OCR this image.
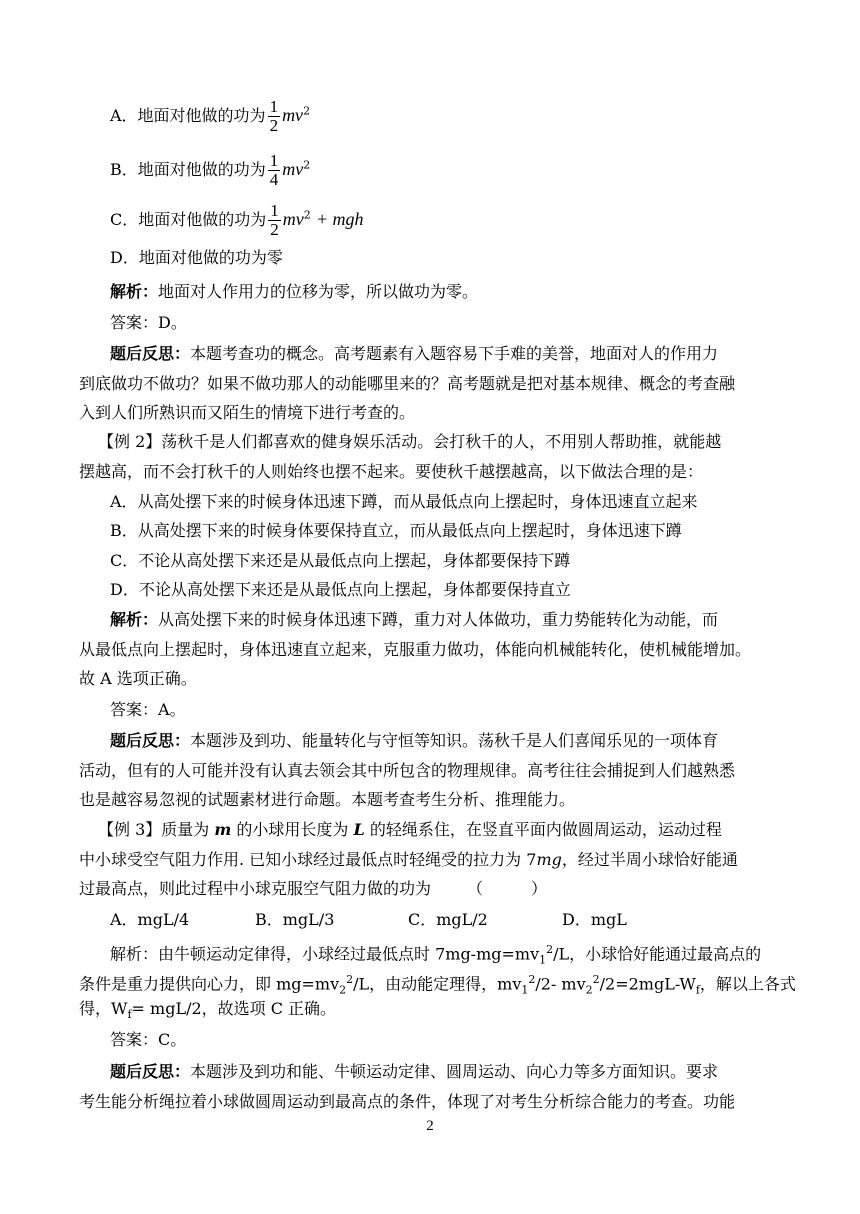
A．地面对他做的功为 $\frac{1}{2} mv^2$
B．地面对他做的功为 $\frac{1}{4} mv^2$
C．地面对他做的功为 $\frac{1}{2} mv^2$ + mgh
D．地面对他做的功为零
解析：地面对人作用力的位移为零，所以做功为零。
答案：D。
题后反思：本题考查功的概念。高考题素有入题容易下手难的美誉，地面对人的作用力
到底做功不做功？如果不做功那人的动能哪里来的？高考题就是把对基本规律、概念的考查融
入到人们所熟识而又陌生的情境下进行考查的。
【例 2】荡秋千是人们都喜欢的健身娱乐活动。会打秋千的人，不用别人帮助推，就能越
摆越高，而不会打秋千的人则始终也摆不起来。要使秋千越摆越高，以下做法合理的是：
A．从高处摆下来的时候身体迅速下蹲，而从最低点向上摆起时，身体迅速直立起来
B．从高处摆下来的时候身体要保持直立，而从最低点向上摆起时，身体迅速下蹲
C．不论从高处摆下来还是从最低点向上摆起，身体都要保持下蹲
D．不论从高处摆下来还是从最低点向上摆起，身体都要保持直立
解析：从高处摆下来的时候身体迅速下蹲，重力对人体做功，重力势能转化为动能，而
从最低点向上摆起时，身体迅速直立起来，克服重力做功，体能向机械能转化，使机械能增加。
故 A 选项正确。
答案：A。
题后反思：本题涉及到功、能量转化与守恒等知识。荡秋千是人们喜闻乐见的一项体育
活动，但有的人可能并没有认真去领会其中所包含的物理规律。高考往往会捕捉到人们越熟悉
也是越容易忽视的试题素材进行命题。本题考查考生分析、推理能力。
【例 3】质量为 m 的小球用长度为 L 的轻绳系住，在竖直平面内做圆周运动，运动过程
中小球受空气阻力作用. 已知小球经过最低点时轻绳受的拉力为 7mg，经过半周小球恰好能通
过最高点，则此过程中小球克服空气阻力做的功为 （　　　）
A．mgL/4	B．mgL/3	C．mgL/2	D．mgL
解析：由牛顿运动定律得，小球经过最低点时 $7mg-mg=mv_1^2/L$，小球恰好能通过最高点的
条件是重力提供向心力，即 $mg=mv_2^2/L$，由动能定理得，$mv_1^2/2-$ $mv_2^2/2=2mgL-W_f$，解以上各式
得，$W_f= mgL/2$，故选项 C 正确。
答案：C。
题后反思：本题涉及到功和能、牛顿运动定律、圆周运动、向心力等多方面知识。要求
考生能分析绳拉着小球做圆周运动到最高点的条件，体现了对考生分析综合能力的考查。功能
2
